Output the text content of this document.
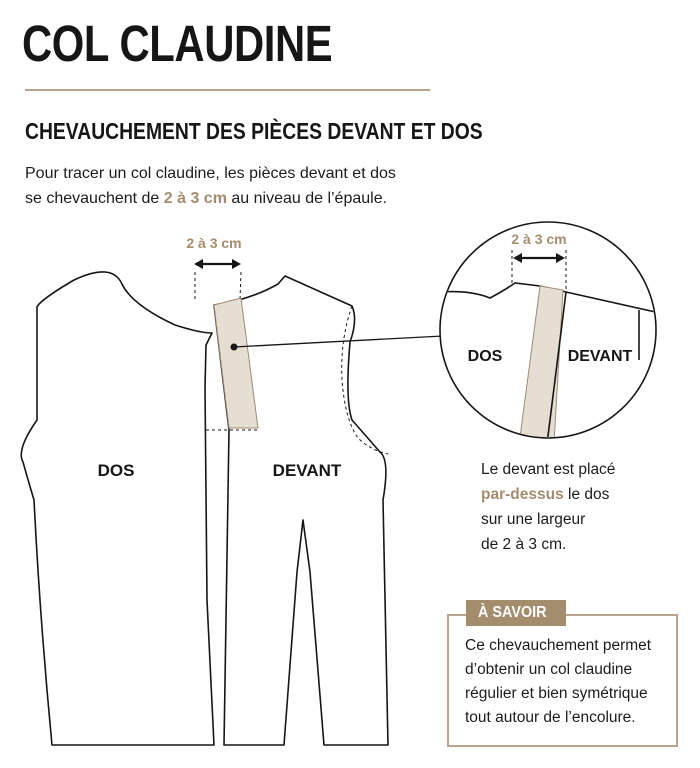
COL CLAUDINE
CHEVAUCHEMENT DES PIÈCES DEVANT ET DOS
Pour tracer un col claudine, les pièces devant et dos
se chevauchent de 2 à 3 cm au niveau de l’épaule.
2 à 3 cm
DOS	DEVANT
2 à 3 cm
DOS	DEVANT

Le devant est placé

par-dessus le dos

sur une largeur

de 2 à 3 cm.

À SAVOIR
Ce chevauchement permet
d’obtenir un col claudine
régulier et bien symétrique
tout autour de l’encolure.
